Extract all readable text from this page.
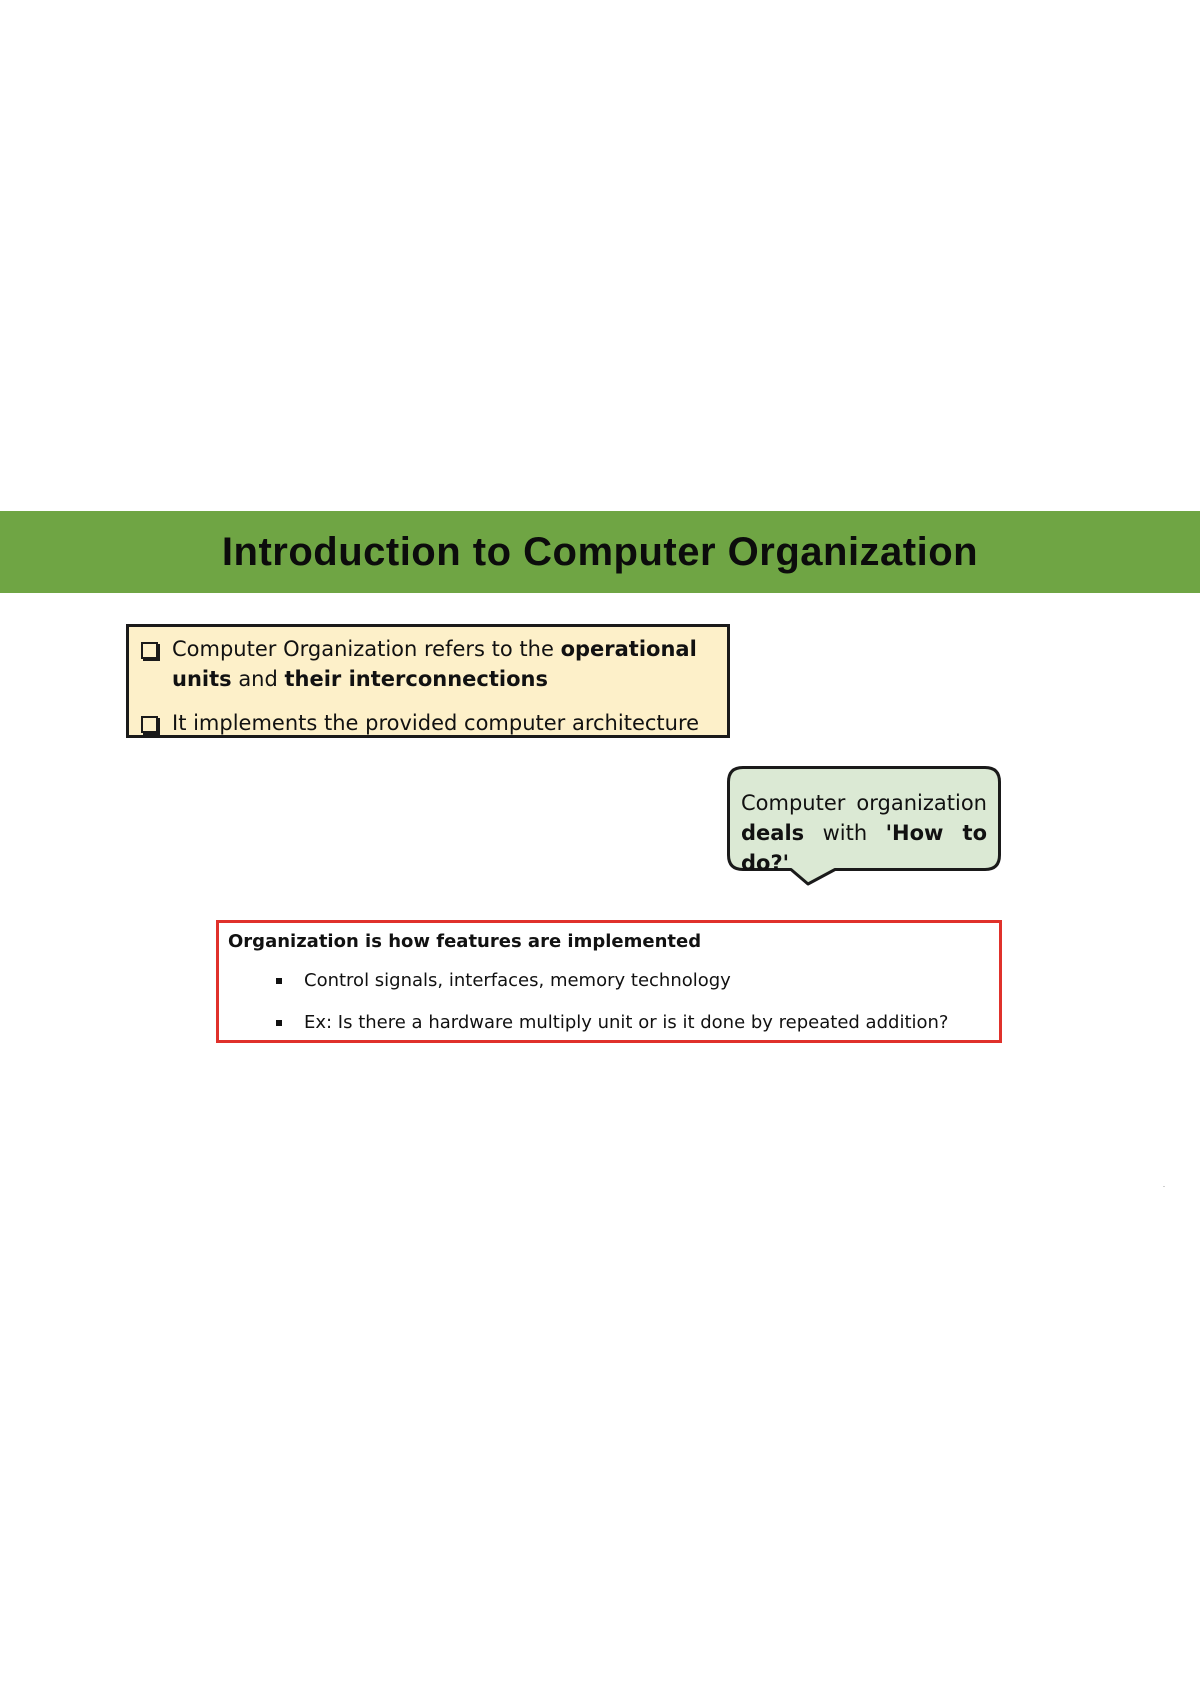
Introduction to Computer Organization
Computer Organization refers to the operational units and their interconnections
It implements the provided computer architecture
Computer organization
deals with 'How to do?'
Organization is how features are implemented
Control signals, interfaces, memory technology
Ex: Is there a hardware multiply unit or is it done by repeated addition?
